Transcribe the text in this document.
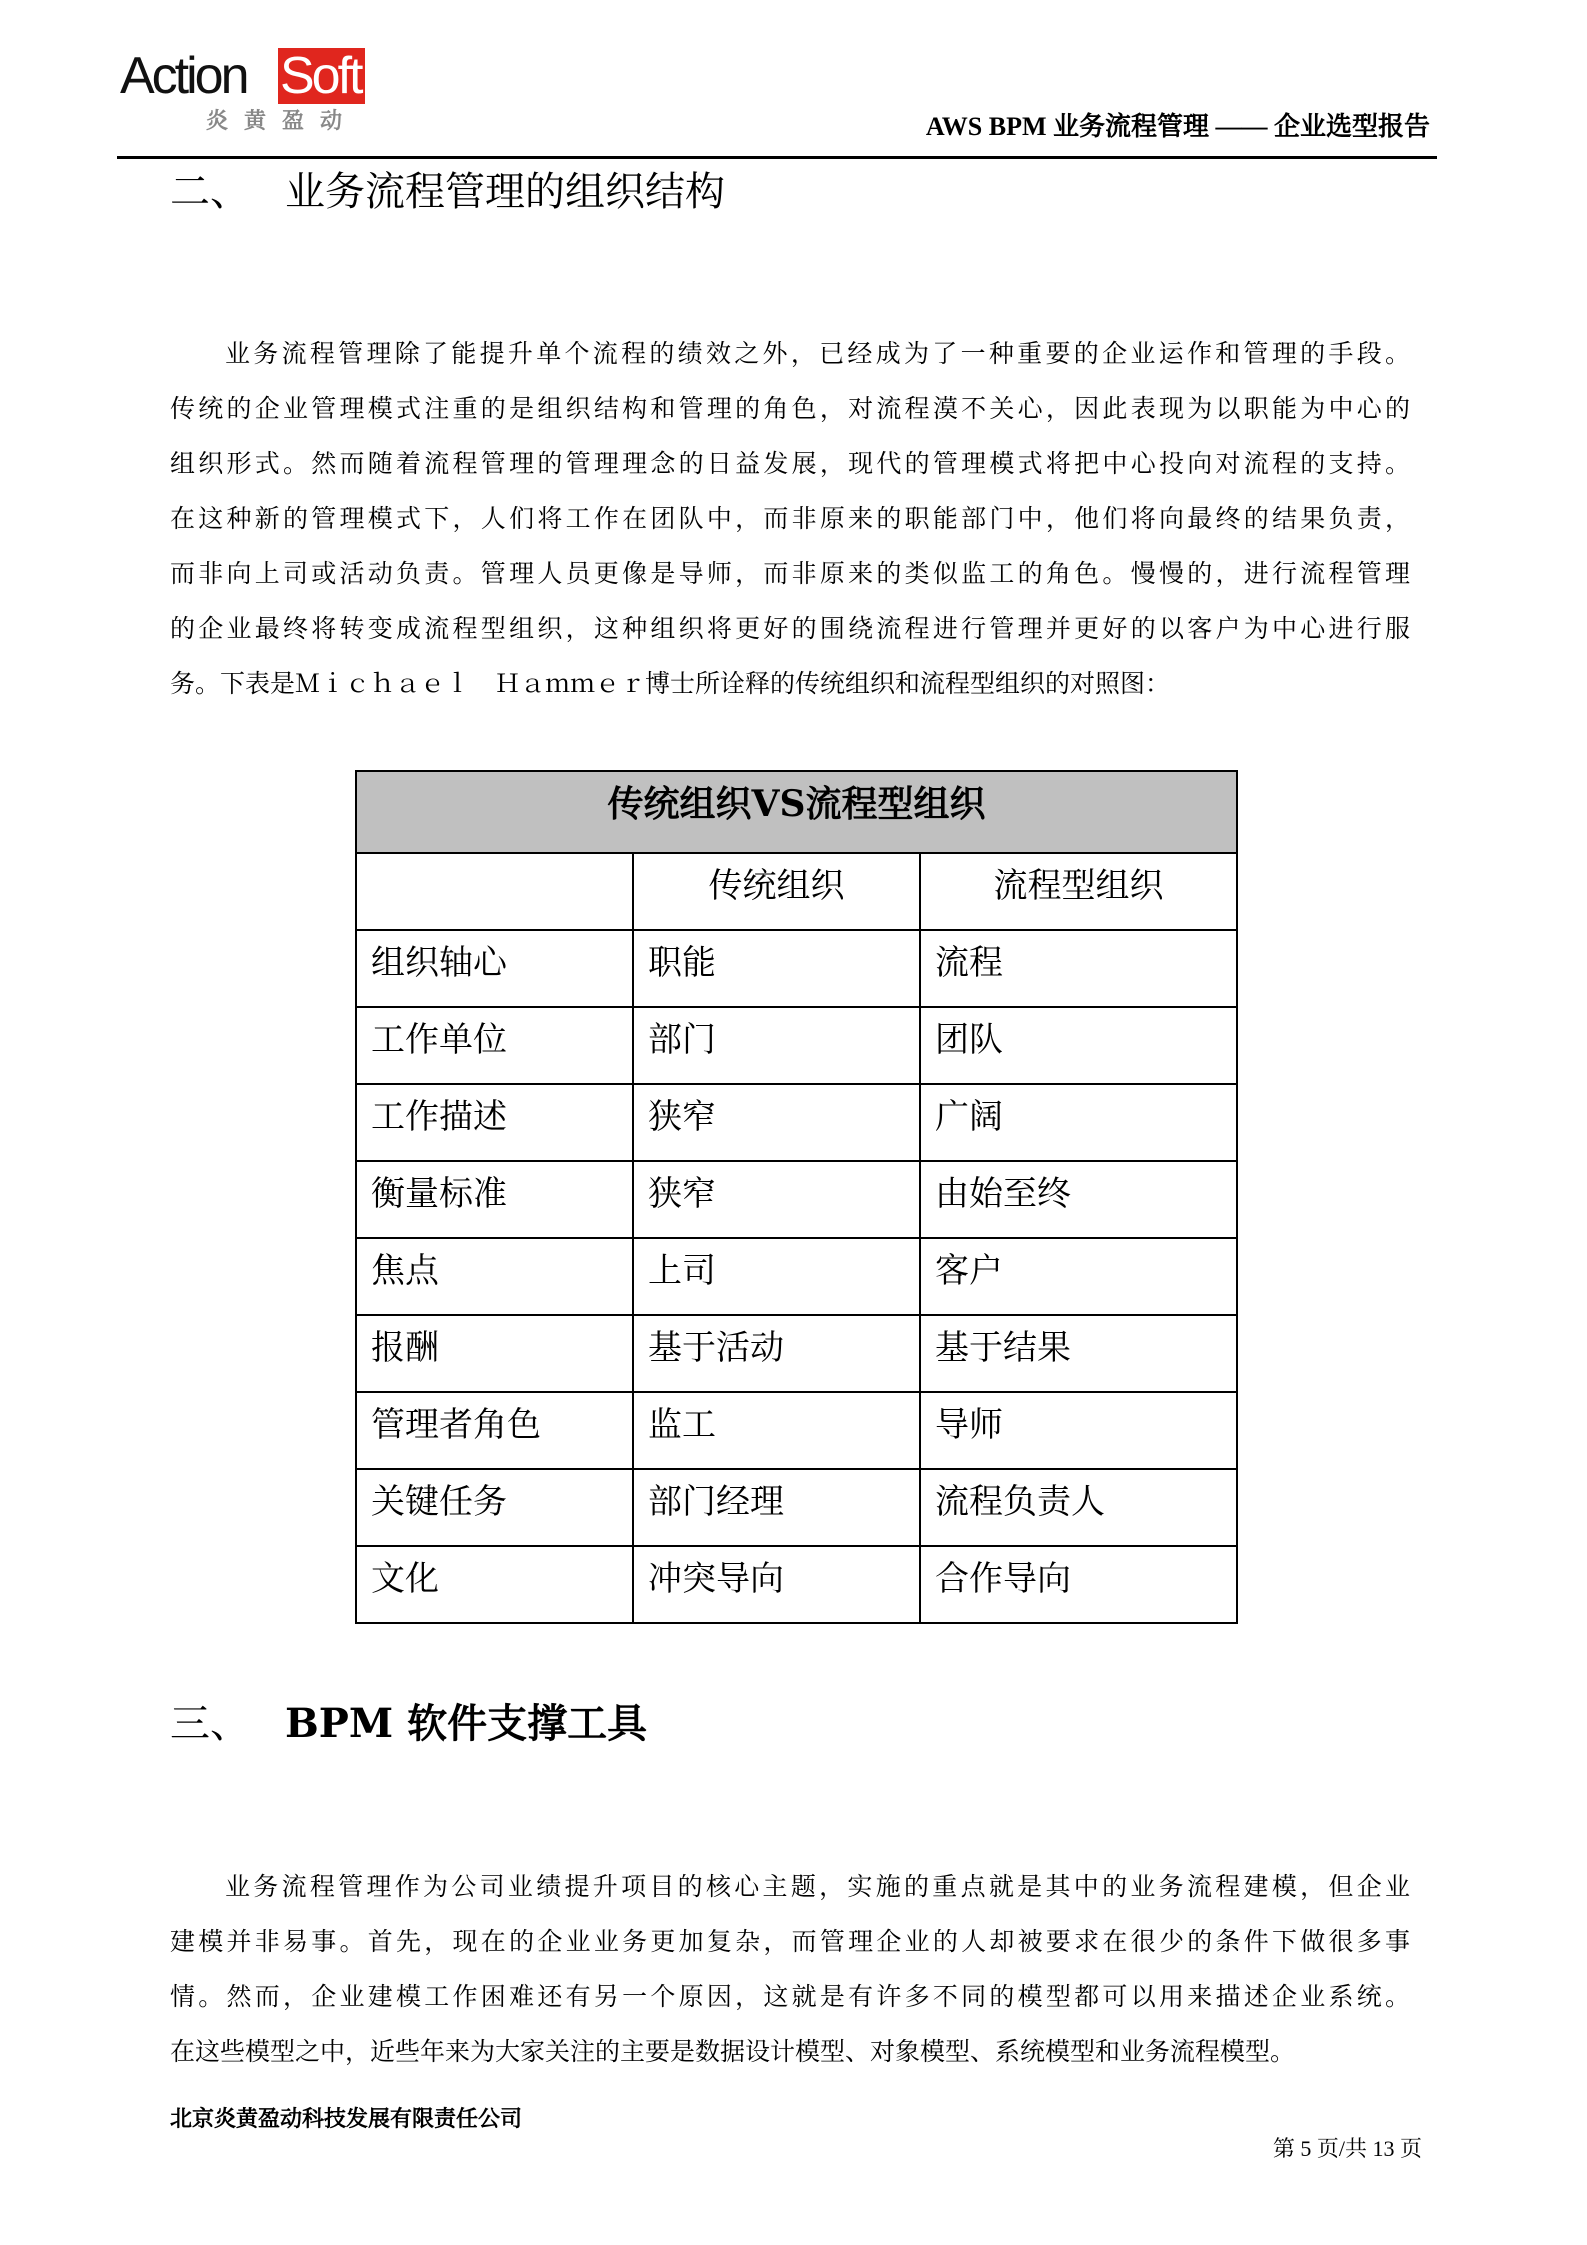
Action Soft
炎黄盈动	AWS BPM 业务流程管理 —— 企业选型报告
二、 业务流程管理的组织结构
业务流程管理除了能提升单个流程的绩效之外，已经成为了一种重要的企业运作和管理的手段。
传统的企业管理模式注重的是组织结构和管理的角色，对流程漠不关心，因此表现为以职能为中心的
组织形式。然而随着流程管理的管理理念的日益发展，现代的管理模式将把中心投向对流程的支持。
在这种新的管理模式下，人们将工作在团队中，而非原来的职能部门中，他们将向最终的结果负责，
而非向上司或活动负责。管理人员更像是导师，而非原来的类似监工的角色。慢慢的，进行流程管理
的企业最终将转变成流程型组织，这种组织将更好的围绕流程进行管理并更好的以客户为中心进行服
务。下表是Ｍｉｃｈａｅｌ　Ｈａｍｍｅｒ博士所诠释的传统组织和流程型组织的对照图：
传统组织VS流程型组织		
	传统组织	流程型组织
组织轴心	职能	流程
工作单位	部门	团队
工作描述	狭窄	广阔
衡量标准	狭窄	由始至终
焦点	上司	客户
报酬	基于活动	基于结果
管理者角色	监工	导师
关键任务	部门经理	流程负责人
文化	冲突导向	合作导向
三、 BPM 软件支撑工具
业务流程管理作为公司业绩提升项目的核心主题，实施的重点就是其中的业务流程建模，但企业
建模并非易事。首先，现在的企业业务更加复杂，而管理企业的人却被要求在很少的条件下做很多事
情。然而，企业建模工作困难还有另一个原因，这就是有许多不同的模型都可以用来描述企业系统。
在这些模型之中，近些年来为大家关注的主要是数据设计模型、对象模型、系统模型和业务流程模型。
北京炎黄盈动科技发展有限责任公司
第 5 页/共 13 页
